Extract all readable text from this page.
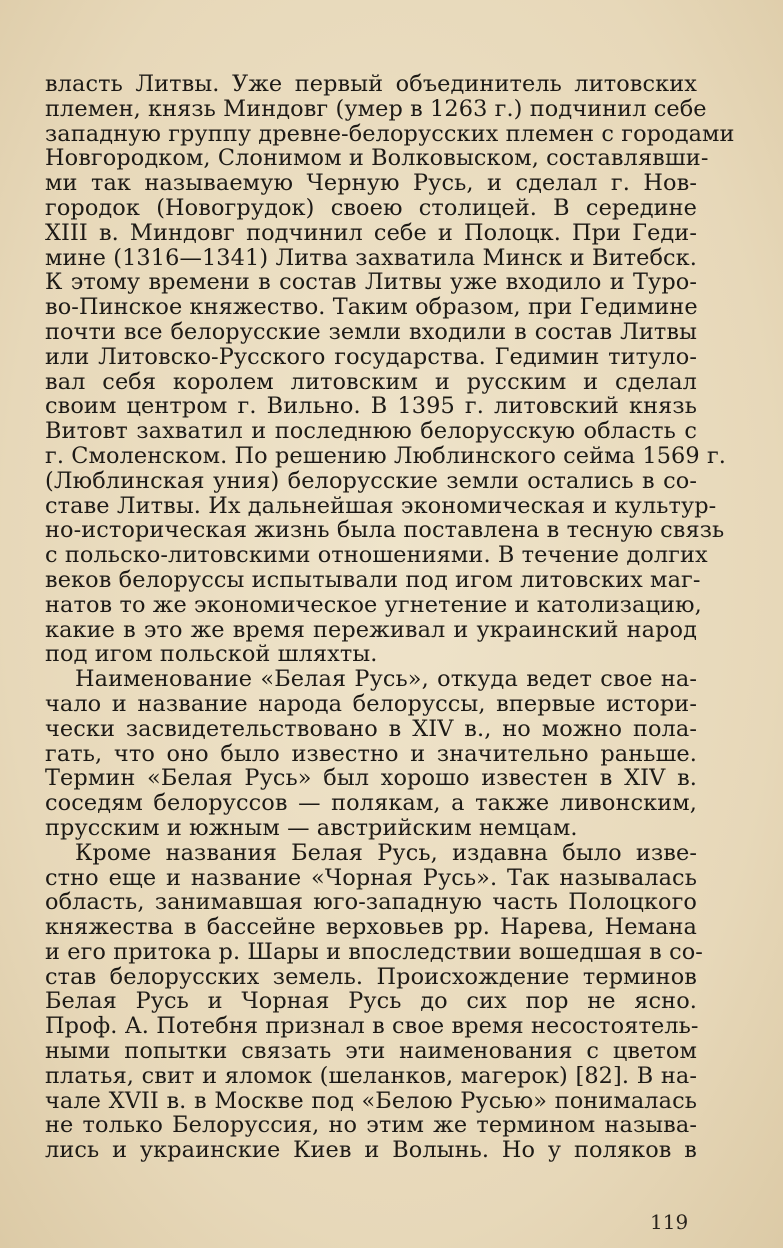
власть Литвы. Уже первый объединитель литовских
племен, князь Миндовг (умер в 1263 г.) подчинил себе
западную группу древне-белорусских племен с городами
Новгородком, Слонимом и Волковыском, составлявши-
ми так называемую Черную Русь, и сделал г. Нов-
городок (Новогрудок) своею столицей. В середине
XIII в. Миндовг подчинил себе и Полоцк. При Геди-
мине (1316—1341) Литва захватила Минск и Витебск.
К этому времени в состав Литвы уже входило и Туро-
во-Пинское княжество. Таким образом, при Гедимине
почти все белорусские земли входили в состав Литвы
или Литовско-Русского государства. Гедимин титуло-
вал себя королем литовским и русским и сделал
своим центром г. Вильно. В 1395 г. литовский князь
Витовт захватил и последнюю белорусскую область с
г. Смоленском. По решению Люблинского сейма 1569 г.
(Люблинская уния) белорусские земли остались в со-
ставе Литвы. Их дальнейшая экономическая и культур-
но-историческая жизнь была поставлена в тесную связь
с польско-литовскими отношениями. В течение долгих
веков белоруссы испытывали под игом литовских маг-
натов то же экономическое угнетение и католизацию,
какие в это же время переживал и украинский народ
под игом польской шляхты.
Наименование «Белая Русь», откуда ведет свое на-
чало и название народа белоруссы, впервые истори-
чески засвидетельствовано в XIV в., но можно пола-
гать, что оно было известно и значительно раньше.
Термин «Белая Русь» был хорошо известен в XIV в.
соседям белоруссов — полякам, а также ливонским,
прусским и южным — австрийским немцам.
Кроме названия Белая Русь, издавна было изве-
стно еще и название «Чорная Русь». Так называлась
область, занимавшая юго-западную часть Полоцкого
княжества в бассейне верховьев рр. Нарева, Немана
и его притока р. Шары и впоследствии вошедшая в со-
став белорусских земель. Происхождение терминов
Белая Русь и Чорная Русь до сих пор не ясно.
Проф. А. Потебня признал в свое время несостоятель-
ными попытки связать эти наименования с цветом
платья, свит и яломок (шеланков, магерок) [82]. В на-
чале XVII в. в Москве под «Белою Русью» понималась
не только Белоруссия, но этим же термином называ-
лись и украинские Киев и Волынь. Но у поляков в
119
